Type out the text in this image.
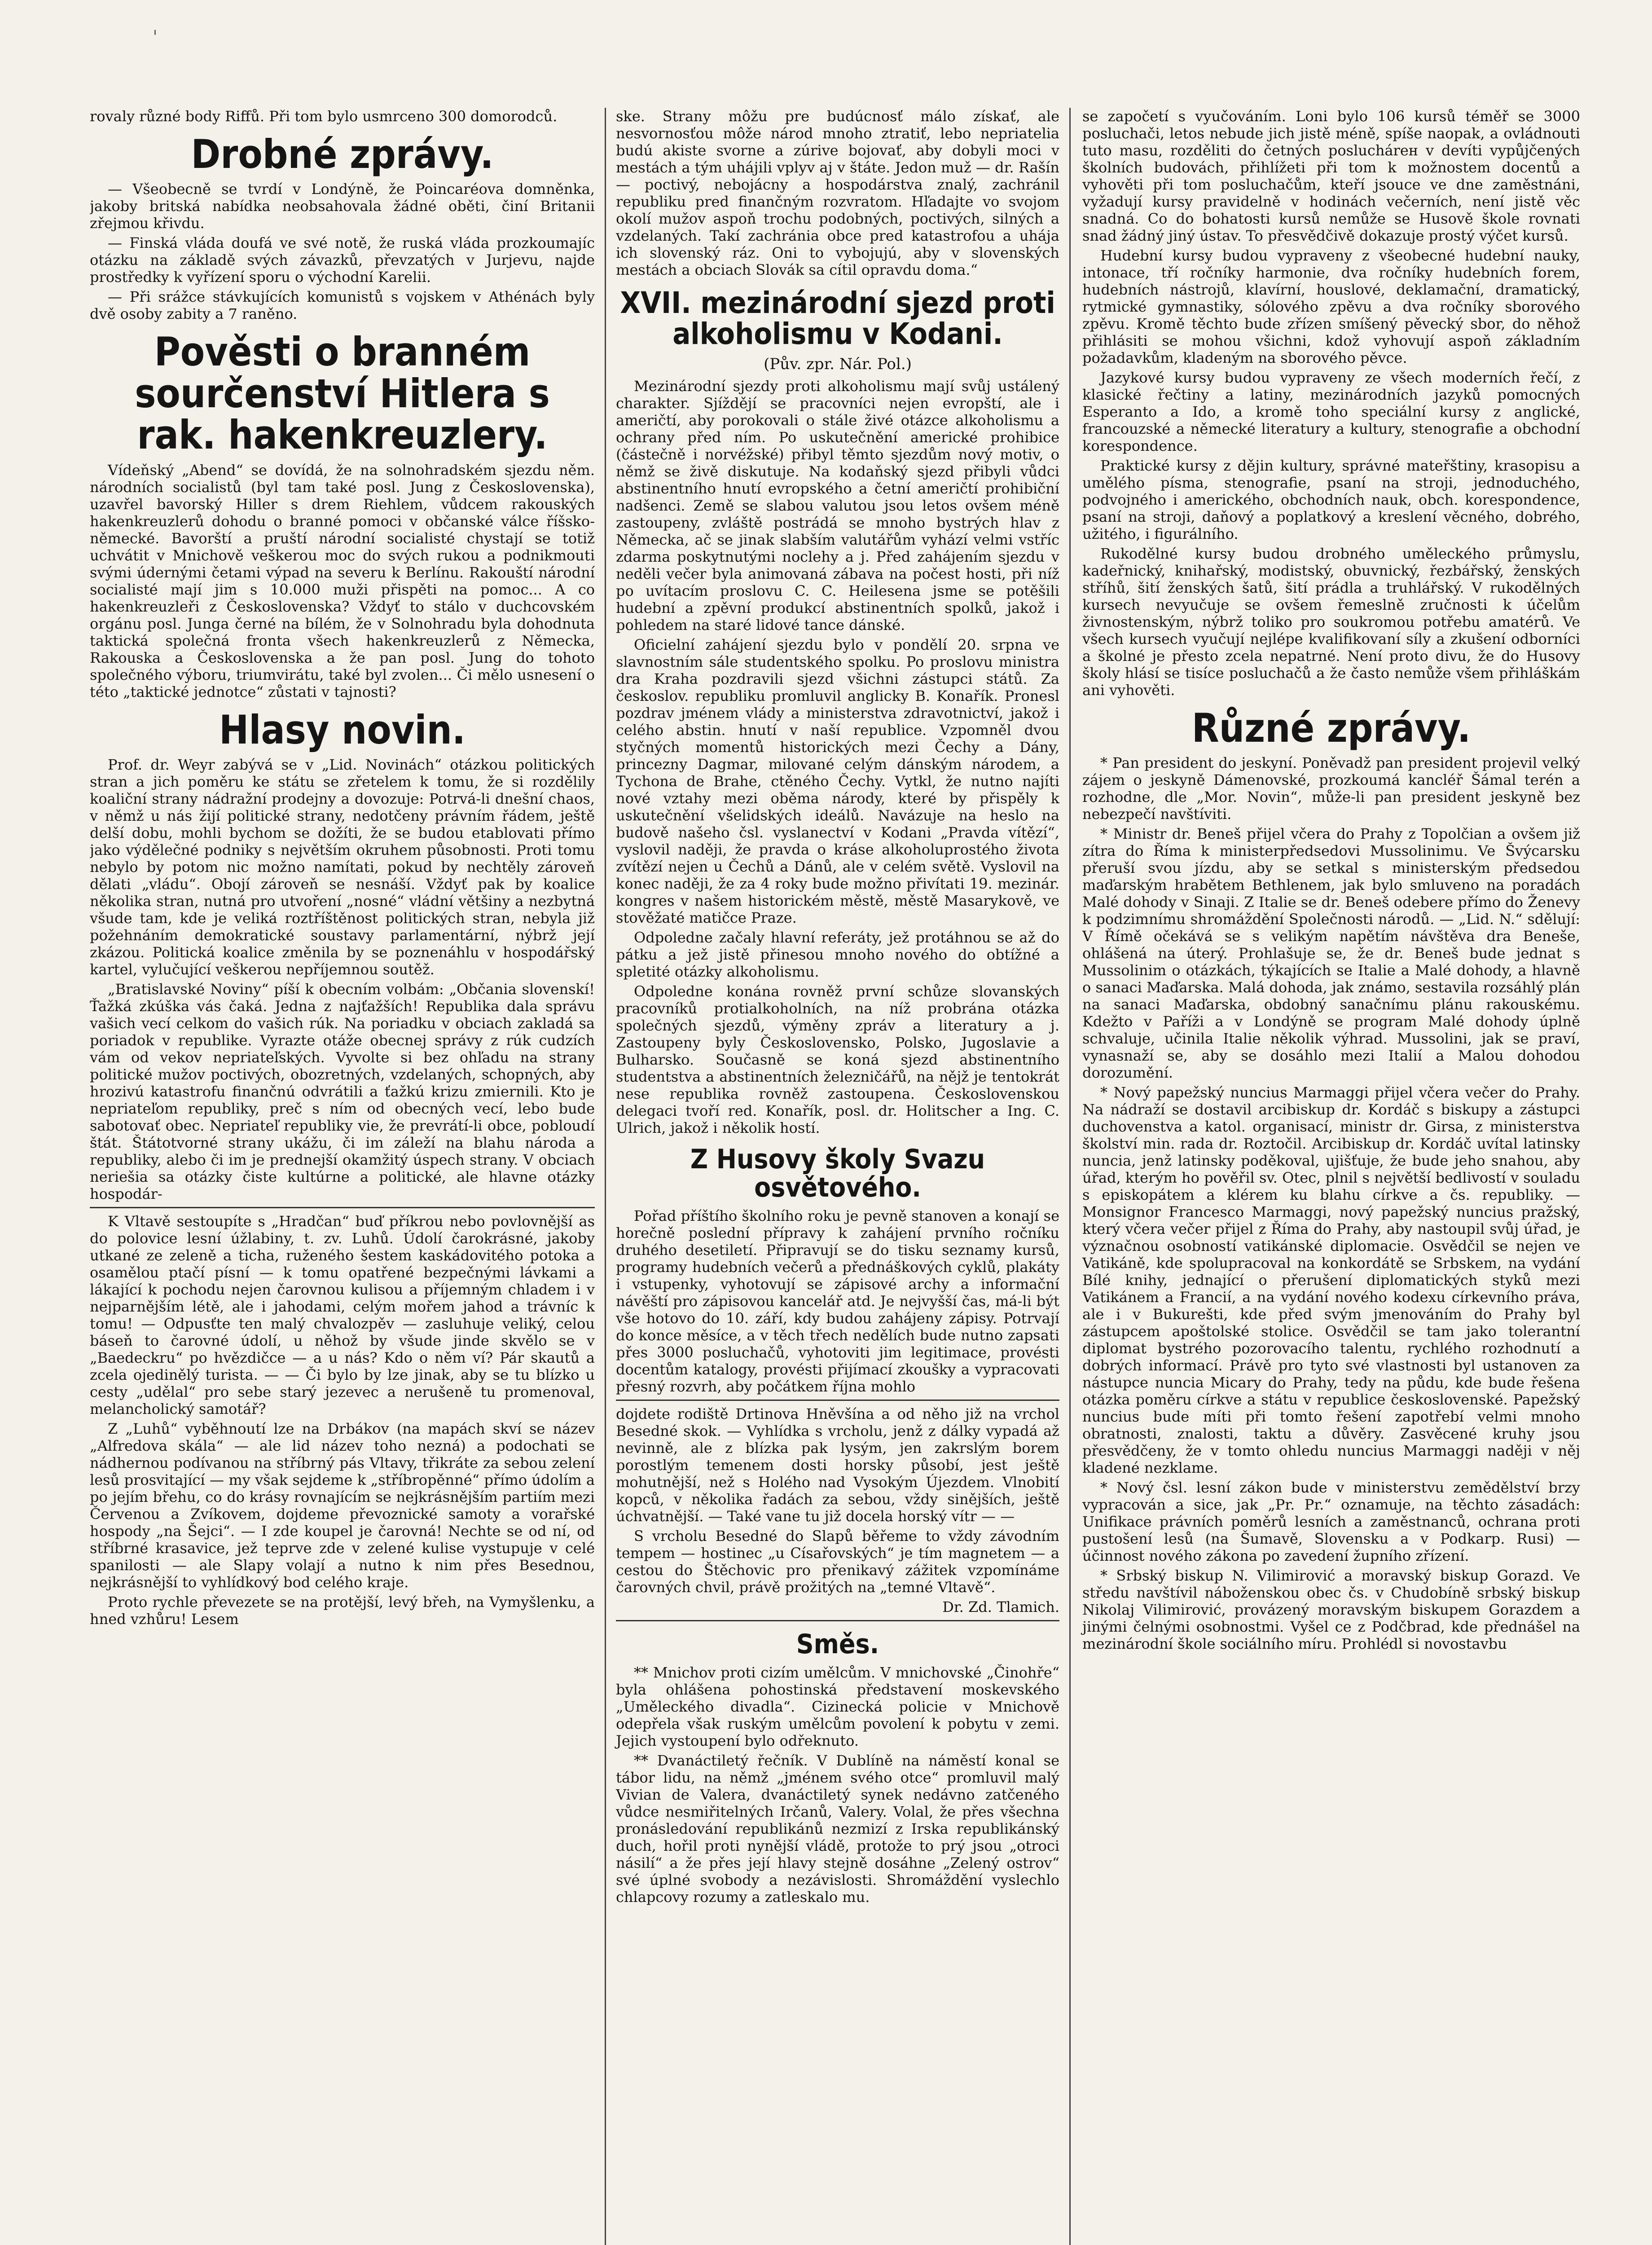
'

rovaly různé body Riffů. Při tom bylo usmrceno 300 domorodců.

Drobné zprávy.

— Všeobecně se tvrdí v Londýně, že Poincaréova domněnka, jakoby britská nabídka neobsahovala žádné oběti, činí Britanii zřejmou křivdu.

— Finská vláda doufá ve své notě, že ruská vláda prozkoumajíc otázku na základě svých závazků, převzatých v Jurjevu, najde prostředky k vyřízení sporu o východní Karelii.

— Při srážce stávkujících komunistů s vojskem v Athénách byly dvě osoby zabity a 7 raněno.

Pověsti o branném sourčenství Hitlera s rak. hakenkreuzlery.

Vídeňský „Abend“ se dovídá, že na solnohradském sjezdu něm. národních socialistů (byl tam také posl. Jung z Československa), uzavřel bavorský Hiller s drem Riehlem, vůdcem rakouských hakenkreuzlerů dohodu o branné pomoci v občanské válce říšsko-německé. Bavorští a pruští národní socialisté chystají se totiž uchvátit v Mnichově veškerou moc do svých rukou a podnikmouti svými údernými četami výpad na severu k Berlínu. Rakouští národní socialisté mají jim s 10.000 muži přispěti na pomoc... A co hakenkreuzleři z Československa? Vždyť to stálo v duchcovském orgánu posl. Junga černé na bílém, že v Solnohradu byla dohodnuta taktická společná fronta všech hakenkreuzlerů z Německa, Rakouska a Československa a že pan posl. Jung do tohoto společného výboru, triumvirátu, také byl zvolen... Či mělo usnesení o této „taktické jednotce“ zůstati v tajnosti?

Hlasy novin.

Prof. dr. Weyr zabývá se v „Lid. Novinách“ otázkou politických stran a jich poměru ke státu se zřetelem k tomu, že si rozdělily koaliční strany nádražní prodejny a dovozuje: Potrvá-li dnešní chaos, v němž u nás žijí politické strany, nedotčeny právním řádem, ještě delší dobu, mohli bychom se dožíti, že se budou etablovati přímo jako výdělečné podniky s největším okruhem působnosti. Proti tomu nebylo by potom nic možno namítati, pokud by nechtěly zároveň dělati „vládu“. Obojí zároveň se nesnáší. Vždyť pak by koalice několika stran, nutná pro utvoření „nosné“ vládní většiny a nezbytná všude tam, kde je veliká roztříštěnost politických stran, nebyla již požehnáním demokratické soustavy parlamentární, nýbrž její zkázou. Politická koalice změnila by se poznenáhlu v hospodářský kartel, vylučující veškerou nepříjemnou soutěž.

„Bratislavské Noviny“ píší k obecním volbám: „Občania slovenskí! Ťažká zkúška vás čaká. Jedna z najťažších! Republika dala správu vašich vecí celkom do vašich rúk. Na poriadku v obciach zakladá sa poriadok v republike. Vyrazte otáže obecnej správy z rúk cudzích vám od vekov nepriateľských. Vyvolte si bez ohľadu na strany politické mužov poctivých, obozretných, vzdelaných, schopných, aby hrozivú katastrofu finančnú odvrátili a ťažkú krizu zmiernili. Kto je nepriateľom republiky, preč s ním od obecných vecí, lebo bude sabotovať obec. Nepriateľ republiky vie, že prevrátí-li obce, pobloudí štát. Štátotvorné strany ukážu, či im záleží na blahu národa a republiky, alebo či im je prednejší okamžitý úspech strany. V obciach neriešia sa otázky čiste kultúrne a politické, ale hlavne otázky hospodár-

K Vltavě sestoupíte s „Hradčan“ buď příkrou nebo povlovnější as do polovice lesní úžlabiny, t. zv. Luhů. Údolí čarokrásné, jakoby utkané ze zeleně a ticha, ruženého šestem kaskádovitého potoka a osamělou ptačí písní — k tomu opatřené bezpečnými lávkami a lákající k pochodu nejen čarovnou kulisou a příjemným chladem i v nejparnějším létě, ale i jahodami, celým mořem jahod a trávníc k tomu! — Odpusťte ten malý chvalozpěv — zasluhuje veliký, celou báseň to čarovné údolí, u něhož by všude jinde skvělo se v „Baedeckru“ po hvězdičce — a u nás? Kdo o něm ví? Pár skautů a zcela ojedinělý turista. — — Či bylo by lze jinak, aby se tu blízko u cesty „udělal“ pro sebe starý jezevec a nerušeně tu promenoval, melancholický samotář?

Z „Luhů“ vyběhnoutí lze na Drbákov (na mapách skví se název „Alfredova skála“ — ale lid název toho nezná) a podochati se nádhernou podívanou na stříbrný pás Vltavy, třikráte za sebou zelení lesů prosvitající — my však sejdeme k „stříbropěnné“ přímo údolím a po jejím břehu, co do krásy rovnajícím se nejkrásnějším partiím mezi Červenou a Zvíkovem, dojdeme převoznické samoty a vorařské hospody „na Šejci“. — I zde koupel je čarovná! Nechte se od ní, od stříbrné krasavice, jež teprve zde v zelené kulise vystupuje v celé spanilosti — ale Slapy volají a nutno k nim přes Besednou, nejkrásnější to vyhlídkový bod celého kraje.

Proto rychle převezete se na protější, levý břeh, na Vymyšlenku, a hned vzhůru! Lesem

ske. Strany môžu pre budúcnosť málo získať, ale nesvornosťou môže národ mnoho ztratiť, lebo nepriatelia budú akiste svorne a zúrive bojovať, aby dobyli moci v mestách a tým uhájili vplyv aj v štáte. Jedon muž — dr. Rašín — poctivý, nebojácny a hospodárstva znalý, zachránil republiku pred finančným rozvratom. Hľadajte vo svojom okolí mužov aspoň trochu podobných, poctivých, silných a vzdelaných. Takí zachránia obce pred katastrofou a uhája ich slovenský ráz. Oni to vybojujú, aby v slovenských mestách a obciach Slovák sa cítil opravdu doma.“

XVII. mezinárodní sjezd proti alkoholismu v Kodani.
(Pův. zpr. Nár. Pol.)

Mezinárodní sjezdy proti alkoholismu mají svůj ustálený charakter. Sjíždějí se pracovníci nejen evropští, ale i američtí, aby porokovali o stále živé otázce alkoholismu a ochrany před ním. Po uskutečnění americké prohibice (částečně i norvéžské) přibyl těmto sjezdům nový motiv, o němž se živě diskutuje. Na kodaňský sjezd přibyli vůdci abstinentního hnutí evropského a četní američtí prohibiční nadšenci. Země se slabou valutou jsou letos ovšem méně zastoupeny, zvláště postrádá se mnoho bystrých hlav z Německa, ač se jinak slabším valutářům vyhází velmi vstříc zdarma poskytnutými noclehy a j. Před zahájením sjezdu v neděli večer byla animovaná zábava na počest hosti, při níž po uvítacím proslovu C. C. Heilesena jsme se potěšili hudební a zpěvní produkcí abstinentních spolků, jakož i pohledem na staré lidové tance dánské.

Oficielní zahájení sjezdu bylo v pondělí 20. srpna ve slavnostním sále studentského spolku. Po proslovu ministra dra Kraha pozdravili sjezd všichni zástupci států. Za českoslov. republiku promluvil anglicky B. Konařík. Pronesl pozdrav jménem vlády a ministerstva zdravotnictví, jakož i celého abstin. hnutí v naší republice. Vzpomněl dvou styčných momentů historických mezi Čechy a Dány, princezny Dagmar, milované celým dánským národem, a Tychona de Brahe, ctěného Čechy. Vytkl, že nutno najíti nové vztahy mezi oběma národy, které by přispěly k uskutečnění všelidských ideálů. Navázuje na heslo na budově našeho čsl. vyslanectví v Kodani „Pravda vítězí“, vyslovil naději, že pravda o krásе alkoholuprostého života zvítězí nejen u Čechů a Dánů, ale v celém světě. Vyslovil na konec naději, že za 4 roky bude možno přivítati 19. mezinár. kongres v našem historickém městě, městě Masarykově, ve stověžaté matičce Praze.

Odpoledne začaly hlavní referáty, jež protáhnou se až do pátku a jež jistě přinesou mnoho nového do obtížné a spletité otázky alkoholismu.

Odpoledne konána rovněž první schůze slovanských pracovníků protialkoholních, na níž probrána otázka společných sjezdů, výměny zpráv a literatury a j. Zastoupeny byly Československo, Polsko, Jugoslavie a Bulharsko. Současně se koná sjezd abstinentního studentstva a abstinentních železničářů, na nějž je tentokrát nese republika rovněž zastoupena. Československou delegaci tvoří red. Konařík, posl. dr. Holitscher a Ing. C. Ulrich, jakož i několik hostí.

Z Husovy školy Svazu osvětového.

Pořad příštího školního roku je pevně stanoven a konají se horečně poslední přípravy k zahájení prvního ročníku druhého desetiletí. Připravují se do tisku seznamy kursů, programy hudebních večerů a přednáškových cyklů, plakáty i vstupenky, vyhotovují se zápisové archy a informační návěští pro zápisovou kancelář atd. Je nejvyšší čas, má-li být vše hotovo do 10. září, kdy budou zahájeny zápisy. Potrvají do konce měsíce, a v těch třech nedělích bude nutno zapsati přes 3000 posluchačů, vyhotoviti jim legitimace, provésti docentům katalogy, provésti přijímací zkoušky a vypracovati přesný rozvrh, aby počátkem října mohlo

dojdete rodiště Drtinova Hněvšína a od něho již na vrchol Besedné skok. — Vyhlídka s vrcholu, jenž z dálky vypadá až nevinně, ale z blízka pak lysým, jen zakrslým borem porostlým temenem dosti horsky působí, jest ještě mohutnější, než s Holého nad Vysokým Újezdem. Vlnobití kopců, v několika řadách za sebou, vždy sinějších, ještě úchvatnější. — Také vane tu již docela horský vítr — —

S vrcholu Besedné do Slapů běřeme to vždy závodním tempem — hostinec „u Císařovských“ je tím magnetem — a cestou do Štěchovic pro přenikavý zážitek vzpomínáme čarovných chvil, právě prožitých na „temné Vltavě“.

Dr. Zd. Tlamich.
Směs.

** Mnichov proti cizím umělcům. V mnichovské „Činohře“ byla ohlášena pohostinská představení moskevského „Uměleckého divadla“. Cizinecká policie v Mnichově odepřela však ruským umělcům povolení k pobytu v zemi. Jejich vystoupení bylo odřeknuto.

** Dvanáctiletý řečník. V Dublíně na náměstí konal se tábor lidu, na němž „jménem svého otce“ promluvil malý Vivian de Valera, dvanáctiletý synek nedávno zatčeného vůdce nesmiřitelných Irčanů, Valery. Volal, že přes všechna pronásledování republikánů nezmizí z Irska republikánský duch, hořil proti nynější vládě, protože to prý jsou „otroci násilí“ a že přes její hlavy stejně dosáhne „Zelený ostrov“ své úplné svobody a nezávislosti. Shromáždění vyslechlo chlapcovy rozumy a zatleskalo mu.

se započetí s vyučováním. Loni bylo 106 kursů téměř se 3000 posluchači, letos nebude jich jistě méně, spíše naopak, a ovládnouti tuto masu, rozděliti do četných posluchárен v devíti vypůjčených školních budovách, přihlížeti při tom k možnostem docentů a vyhověti při tom posluchačům, kteří jsouce ve dne zaměstnáni, vyžadují kursy pravidelně v hodinách večerních, není jistě věc snadná. Co do bohatosti kursů nemůže se Husově škole rovnati snad žádný jiný ústav. To přesvědčivě dokazuje prostý výčet kursů.

Hudební kursy budou vypraveny z všeobecné hudební nauky, intonace, tří ročníky harmonie, dva ročníky hudebních forem, hudebních nástrojů, klavírní, houslové, deklamační, dramatický, rytmické gymnastiky, sólového zpěvu a dva ročníky sborového zpěvu. Kromě těchto bude zřízen smíšený pěvecký sbor, do něhož přihlásiti se mohou všichni, kdož vyhovují aspoň základním požadavkům, kladeným na sborového pěvce.

Jazykové kursy budou vypraveny ze všech moderních řečí, z klasické řečtiny a latiny, mezinárodních jazyků pomocných Esperanto a Ido, a kromě toho speciální kursy z anglické, francouzské a německé literatury a kultury, stenografie a obchodní korespondence.

Praktické kursy z dějin kultury, správné mateřštiny, krasopisu a umělého písma, stenografie, psaní na stroji, jednoduchého, podvojného i amerického, obchodních nauk, obch. korespondence, psaní na stroji, daňový a poplatkový a kreslení věcného, dobrého, užitého, i figurálního.

Rukodělné kursy budou drobného uměleckého průmyslu, kadeřnický, knihařský, modistský, obuvnický, řezbářský, ženských stříhů, šití ženských šatů, šití prádla a truhlářský. V rukodělných kursech nevyučuje se ovšem řemeslně zručnosti k účelům živnostenským, nýbrž toliko pro soukromou potřebu amatérů. Ve všech kursech vyučují nejlépe kvalifikovaní síly a zkušení odborníci a školné je přesto zcela nepatrné. Není proto divu, že do Husovy školy hlásí se tisíce posluchačů a že často nemůže všem přihláškám ani vyhověti.

Různé zprávy.

* Pan president do jeskyní. Poněvadž pan president projevil velký zájem o jeskyně Dámenovské, prozkoumá kancléř Šámal terén a rozhodne, dle „Mor. Novin“, může-li pan president jeskyně bez nebezpečí navštíviti.

* Ministr dr. Beneš přijel včera do Prahy z Topolčian a ovšem již zítra do Říma k ministerpředsedovi Mussolinimu. Ve Švýcarsku přeruší svou jízdu, aby se setkal s ministerským předsedou maďarským hrabětem Bethlenem, jak bylo smluveno na poradách Malé dohody v Sinaji. Z Italie se dr. Beneš odebere přímo do Ženevy k podzimnímu shromáždění Společnosti národů. — „Lid. N.“ sdělují: V Římě očekává se s velikým napětím návštěva dra Beneše, ohlášená na úterý. Prohlašuje se, že dr. Beneš bude jednat s Mussolinim o otázkách, týkajících se Italie a Malé dohody, a hlavně o sanaci Maďarska. Malá dohoda, jak známo, sestavila rozsáhlý plán na sanaci Maďarska, obdobný sanačnímu plánu rakouskému. Kdežto v Paříži a v Londýně se program Malé dohody úplně schvaluje, učinila Italie několik výhrad. Mussolini, jak se praví, vynasnaží se, aby se dosáhlo mezi Italií a Malou dohodou dorozumění.

* Nový papežský nuncius Marmaggi přijel včera večer do Prahy. Na nádraží se dostavil arcibiskup dr. Kordáč s biskupy a zástupci duchovenstva a katol. organisací, ministr dr. Girsa, z ministerstva školství min. rada dr. Roztočil. Arcibiskup dr. Kordáč uvítal latinsky nuncia, jenž latinsky poděkoval, ujišťuje, že bude jeho snahou, aby úřad, kterým ho pověřil sv. Otec, plnil s největší bedlivostí v souladu s episkopátem a klérem ku blahu církve a čs. republiky. — Monsignor Francesco Marmaggi, nový papežský nuncius pražský, který včera večer přijel z Říma do Prahy, aby nastoupil svůj úřad, je význačnou osobností vatikánské diplomacie. Osvědčil se nejen ve Vatikáně, kde spolupracoval na konkordátě se Srbskem, na vydání Bílé knihy, jednající o přerušení diplomatických styků mezi Vatikánem a Francií, a na vydání nového kodexu církevního práva, ale i v Bukurešti, kde před svým jmenováním do Prahy byl zástupcem apoštolské stolice. Osvědčil se tam jako tolerantní diplomat bystrého pozorovacího talentu, rychlého rozhodnutí a dobrých informací. Právě pro tyto své vlastnosti byl ustanoven za nástupce nuncia Micary do Prahy, tedy na půdu, kde bude řešena otázka poměru církve a státu v republice československé. Papežský nuncius bude míti při tomto řešení zapotřebí velmi mnoho obratnosti, znalosti, taktu a důvěry. Zasvěcené kruhy jsou přesvědčeny, že v tomto ohledu nuncius Marmaggi naději v něj kladené nezklame.

* Nový čsl. lesní zákon bude v ministerstvu zemědělství brzy vypracován a sice, jak „Pr. Pr.“ oznamuje, na těchto zásadách: Unifikace právních poměrů lesních a zaměstnanců, ochrana proti pustošení lesů (na Šumavě, Slovensku a v Podkarp. Rusi) — účinnost nového zákona po zavedení župního zřízení.

* Srbský biskup N. Vilimirović a moravský biskup Gorazd. Ve středu navštívil náboženskou obec čs. v Chudobíně srbský biskup Nikolaj Vilimirović, provázený moravským biskupem Gorazdem a jinými čelnými osobnostmi. Vyšel ce z Podčbrad, kde přednášel na mezinárodní škole sociálního míru. Prohlédl si novostavbu
